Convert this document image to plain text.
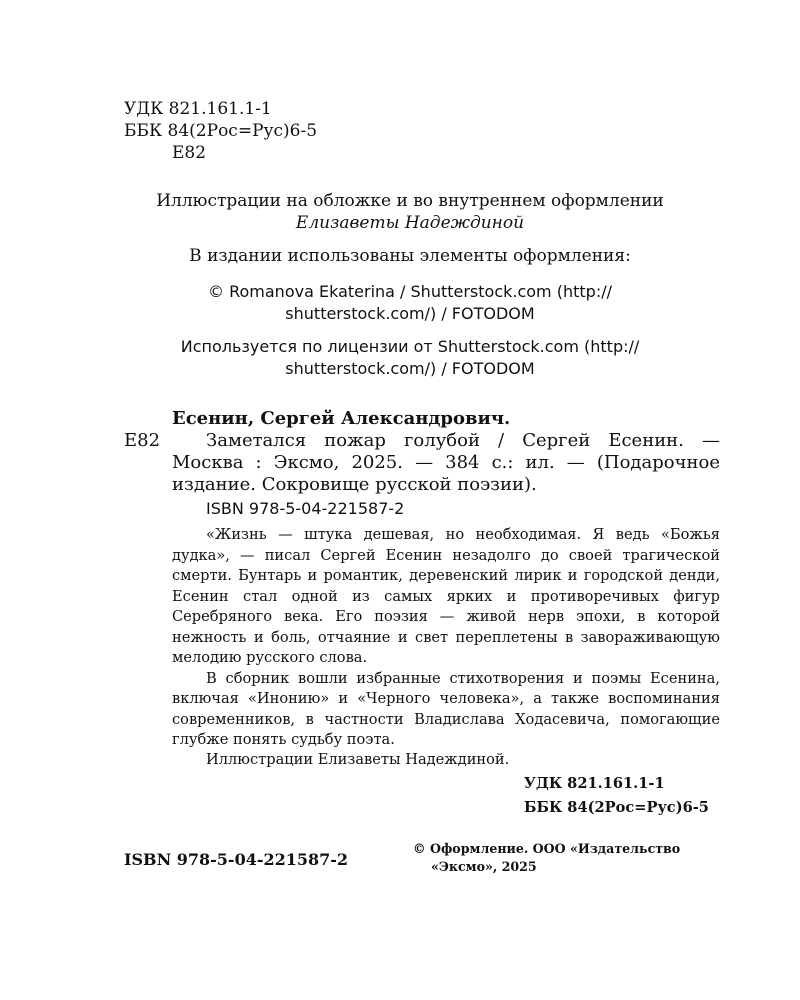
УДК 821.161.1-1
ББК 84(2Рос=Рус)6-5
Е82
Иллюстрации на обложке и во внутреннем оформлении
Елизаветы Надеждиной
В издании использованы элементы оформления:
© Romanova Ekaterina / Shutterstock.com (http://
shutterstock.com/) / FOTODOM
Используется по лицензии от Shutterstock.com (http://
shutterstock.com/) / FOTODOM
Есенин, Сергей Александрович.
Е82	Заметался пожар голубой / Сергей Есенин. — Москва : Эксмо, 2025. — 384 с.: ил. — (Подарочное издание. Сокровище русской поэзии).
ISBN 978-5-04-221587-2

«Жизнь — штука дешевая, но необходимая. Я ведь «Божья дудка», — писал Сергей Есенин незадолго до своей трагической смерти. Бунтарь и романтик, деревенский лирик и городской денди, Есенин стал одной из самых ярких и противоречивых фигур Серебряного века. Его поэзия — живой нерв эпохи, в которой нежность и боль, отчаяние и свет переплетены в завораживающую мелодию русского слова.

В сборник вошли избранные стихотворения и поэмы Есенина, включая «Инонию» и «Черного человека», а также воспоминания современников, в частности Владислава Ходасевича, помогающие глубже понять судьбу поэта.

Иллюстрации Елизаветы Надеждиной.
УДК 821.161.1-1
ББК 84(2Рос=Рус)6-5
ISBN 978-5-04-221587-2
© Оформление. ООО «Издательство
«Эксмо», 2025
